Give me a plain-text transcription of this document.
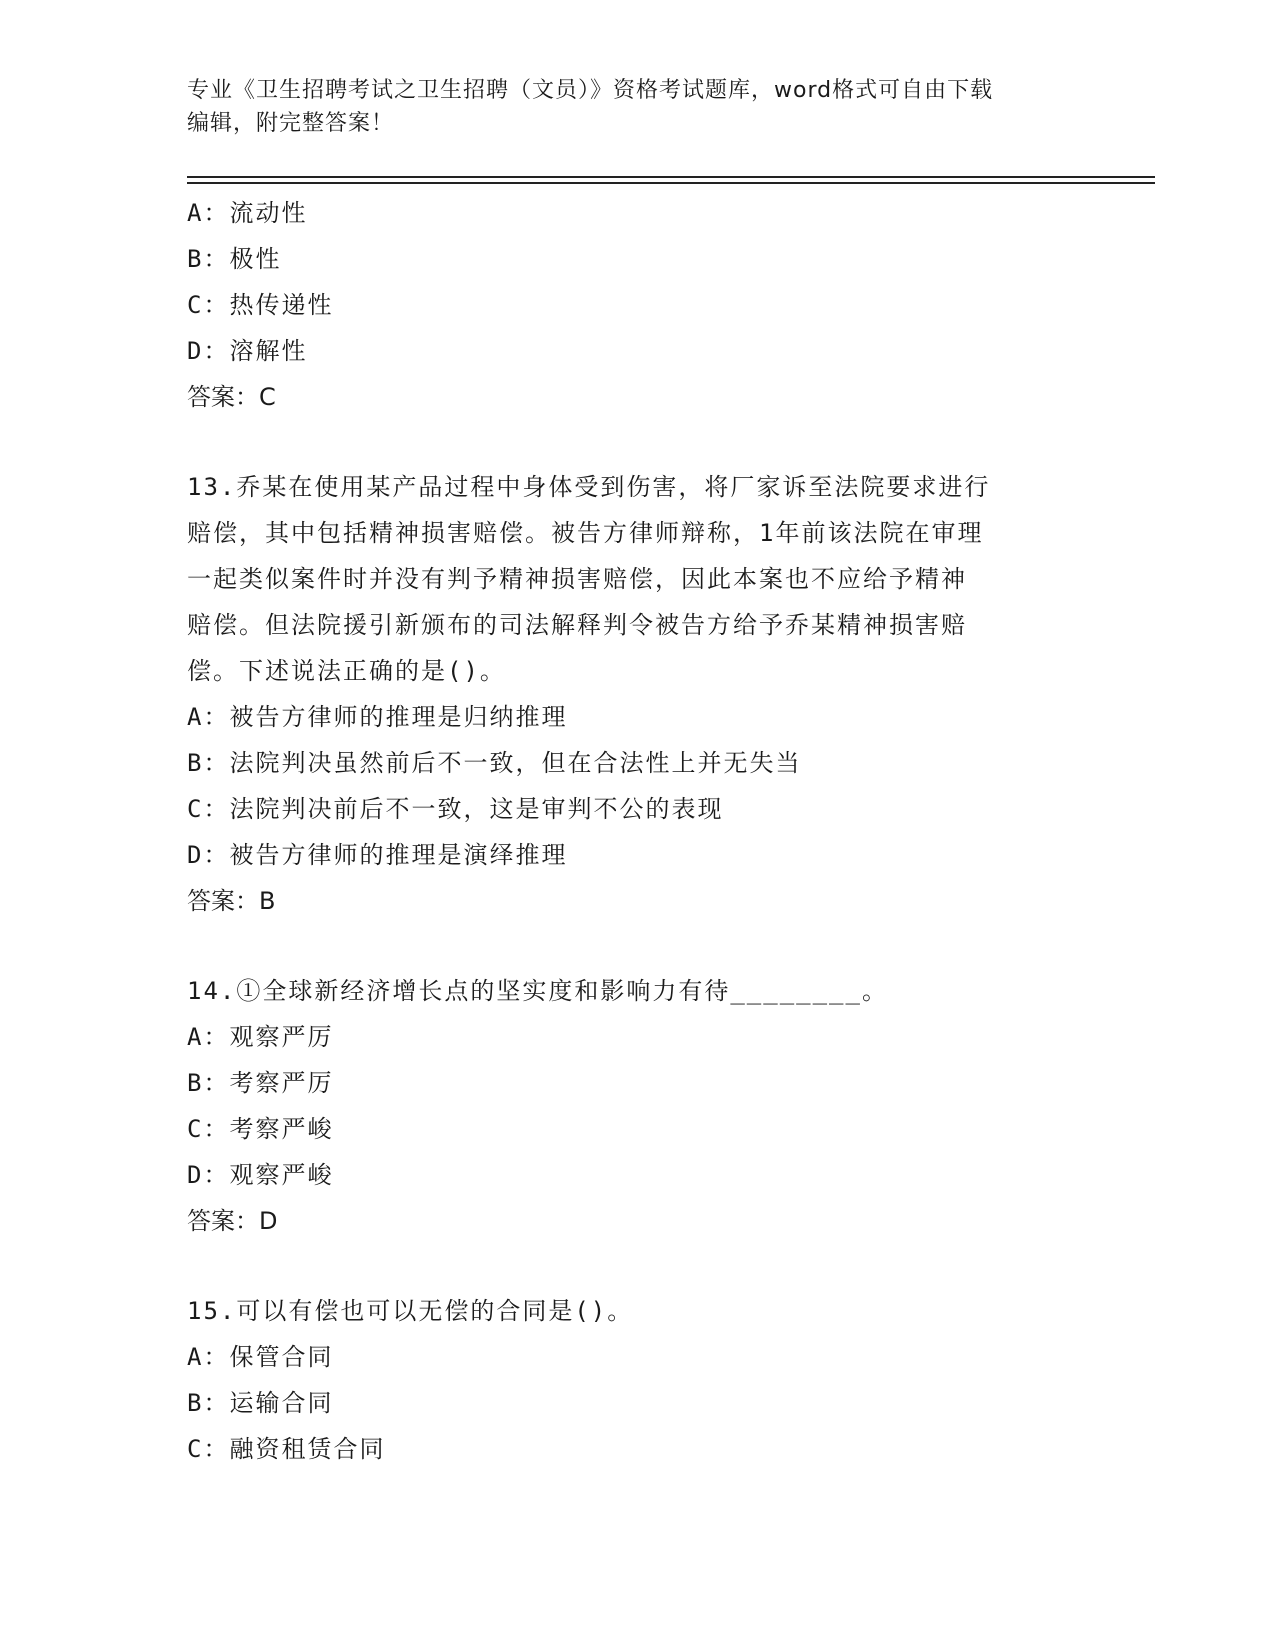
专业《卫生招聘考试之卫生招聘（文员）》资格考试题库，word格式可自由下载
编辑，附完整答案！
A：流动性
B：极性
C：热传递性
D：溶解性
答案：C
13.乔某在使用某产品过程中身体受到伤害，将厂家诉至法院要求进行
赔偿，其中包括精神损害赔偿。被告方律师辩称，1年前该法院在审理
一起类似案件时并没有判予精神损害赔偿，因此本案也不应给予精神
赔偿。但法院援引新颁布的司法解释判令被告方给予乔某精神损害赔
偿。下述说法正确的是()。
A：被告方律师的推理是归纳推理
B：法院判决虽然前后不一致，但在合法性上并无失当
C：法院判决前后不一致，这是审判不公的表现
D：被告方律师的推理是演绎推理
答案：B
14.①全球新经济增长点的坚实度和影响力有待________。
A：观察严厉
B：考察严厉
C：考察严峻
D：观察严峻
答案：D
15.可以有偿也可以无偿的合同是()。
A：保管合同
B：运输合同
C：融资租赁合同
